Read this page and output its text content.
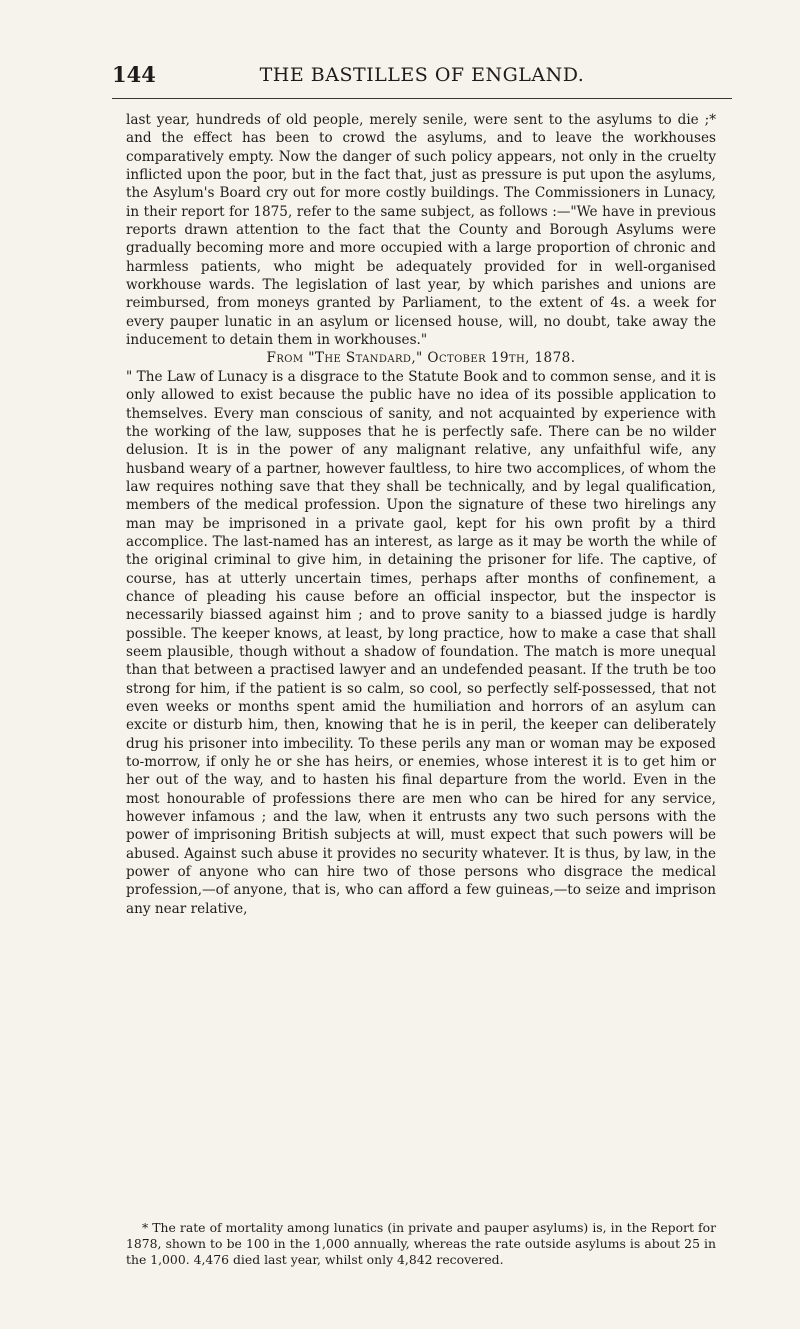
144	THE BASTILLES OF ENGLAND.

last year, hundreds of old people, merely senile, were sent to the asylums to die ;* and the effect has been to crowd the asylums, and to leave the workhouses comparatively empty. Now the danger of such policy appears, not only in the cruelty inflicted upon the poor, but in the fact that, just as pressure is put upon the asylums, the Asylum's Board cry out for more costly buildings. The Commissioners in Lunacy, in their report for 1875, refer to the same subject, as follows :—"We have in previous reports drawn attention to the fact that the County and Borough Asylums were gradually becoming more and more occupied with a large proportion of chronic and harmless patients, who might be adequately provided for in well-organised workhouse wards. The legislation of last year, by which parishes and unions are reimbursed, from moneys granted by Parliament, to the extent of 4s. a week for every pauper lunatic in an asylum or licensed house, will, no doubt, take away the inducement to detain them in workhouses."

From "The Standard," October 19th, 1878.

" The Law of Lunacy is a disgrace to the Statute Book and to common sense, and it is only allowed to exist because the public have no idea of its possible application to themselves. Every man conscious of sanity, and not acquainted by experience with the working of the law, supposes that he is perfectly safe. There can be no wilder delusion. It is in the power of any malignant relative, any unfaithful wife, any husband weary of a partner, however faultless, to hire two accomplices, of whom the law requires nothing save that they shall be technically, and by legal qualification, members of the medical profession. Upon the signature of these two hirelings any man may be imprisoned in a private gaol, kept for his own profit by a third accomplice. The last-named has an interest, as large as it may be worth the while of the original criminal to give him, in detaining the prisoner for life. The captive, of course, has at utterly uncertain times, perhaps after months of confinement, a chance of pleading his cause before an official inspector, but the inspector is necessarily biassed against him ; and to prove sanity to a biassed judge is hardly possible. The keeper knows, at least, by long practice, how to make a case that shall seem plausible, though without a shadow of foundation. The match is more unequal than that between a practised lawyer and an undefended peasant. If the truth be too strong for him, if the patient is so calm, so cool, so perfectly self-possessed, that not even weeks or months spent amid the humiliation and horrors of an asylum can excite or disturb him, then, knowing that he is in peril, the keeper can deliberately drug his prisoner into imbecility. To these perils any man or woman may be exposed to-morrow, if only he or she has heirs, or enemies, whose interest it is to get him or her out of the way, and to hasten his final departure from the world. Even in the most honourable of professions there are men who can be hired for any service, however infamous ; and the law, when it entrusts any two such persons with the power of imprisoning British subjects at will, must expect that such powers will be abused. Against such abuse it provides no security whatever. It is thus, by law, in the power of anyone who can hire two of those persons who disgrace the medical profession,—of anyone, that is, who can afford a few guineas,—to seize and imprison any near relative,

* The rate of mortality among lunatics (in private and pauper asylums) is, in the Report for 1878, shown to be 100 in the 1,000 annually, whereas the rate outside asylums is about 25 in the 1,000. 4,476 died last year, whilst only 4,842 recovered.
